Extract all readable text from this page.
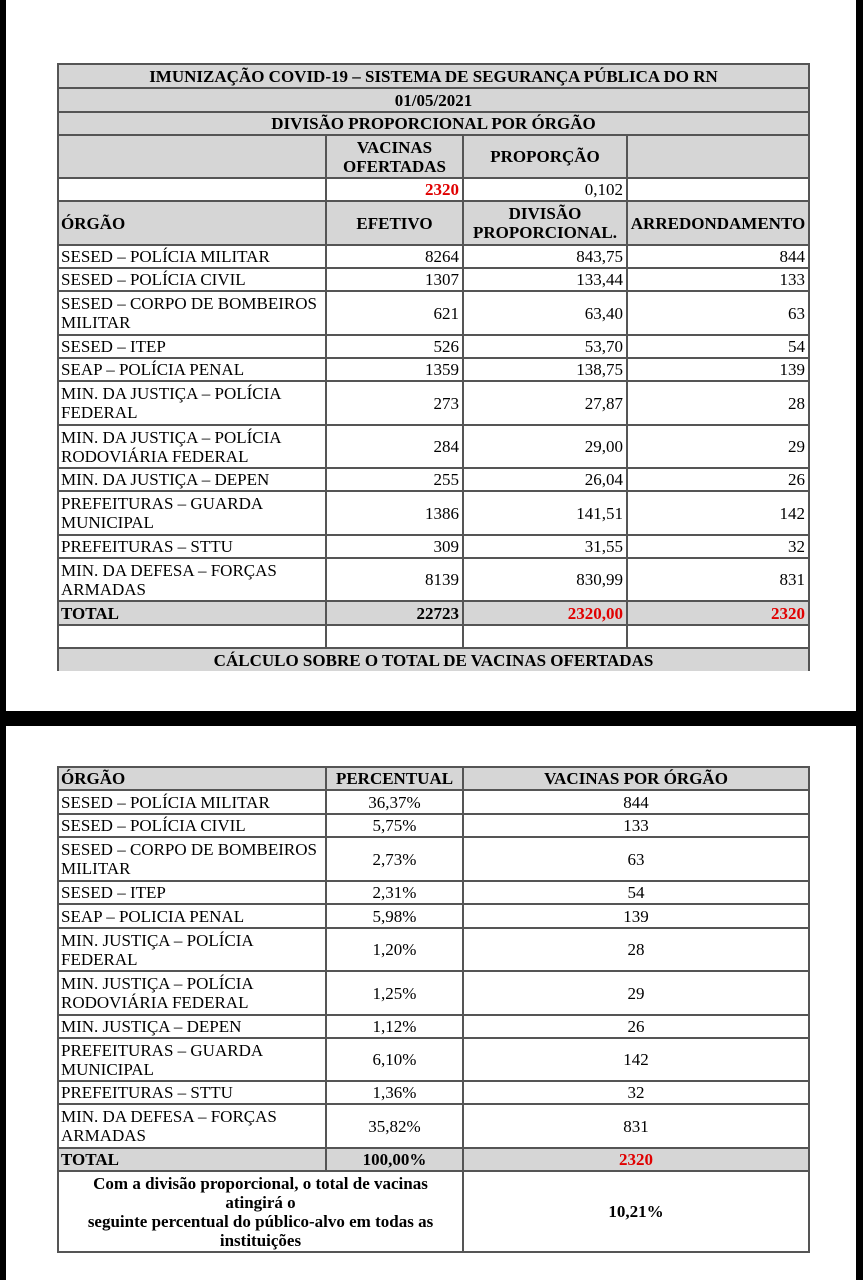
IMUNIZAÇÃO COVID-19 – SISTEMA DE SEGURANÇA PÚBLICA DO RN			
01/05/2021			
DIVISÃO PROPORCIONAL POR ÓRGÃO			
	VACINAS OFERTADAS	PROPORÇÃO	
	2320	0,102	
ÓRGÃO	EFETIVO	DIVISÃO PROPORCIONAL.	ARREDONDAMENTO
SESED – POLÍCIA MILITAR	8264	843,75	844
SESED – POLÍCIA CIVIL	1307	133,44	133
SESED – CORPO DE BOMBEIROS MILITAR	621	63,40	63
SESED – ITEP	526	53,70	54
SEAP – POLÍCIA PENAL	1359	138,75	139
MIN. DA JUSTIÇA – POLÍCIA FEDERAL	273	27,87	28
MIN. DA JUSTIÇA – POLÍCIA RODOVIÁRIA FEDERAL	284	29,00	29
MIN. DA JUSTIÇA – DEPEN	255	26,04	26
PREFEITURAS – GUARDA MUNICIPAL	1386	141,51	142
PREFEITURAS – STTU	309	31,55	32
MIN. DA DEFESA – FORÇAS ARMADAS	8139	830,99	831
TOTAL	22723	2320,00	2320

CÁLCULO SOBRE O TOTAL DE VACINAS OFERTADAS			
ÓRGÃO	PERCENTUAL	VACINAS POR ÓRGÃO
SESED – POLÍCIA MILITAR	36,37%	844
SESED – POLÍCIA CIVIL	5,75%	133
SESED – CORPO DE BOMBEIROS MILITAR	2,73%	63
SESED – ITEP	2,31%	54
SEAP – POLICIA PENAL	5,98%	139
MIN. JUSTIÇA – POLÍCIA FEDERAL	1,20%	28
MIN. JUSTIÇA – POLÍCIA RODOVIÁRIA FEDERAL	1,25%	29
MIN. JUSTIÇA – DEPEN	1,12%	26
PREFEITURAS – GUARDA MUNICIPAL	6,10%	142
PREFEITURAS – STTU	1,36%	32
MIN. DA DEFESA – FORÇAS ARMADAS	35,82%	831
TOTAL	100,00%	2320
Com a divisão proporcional, o total de vacinas atingirá o
seguinte percentual do público-alvo em todas as instituições		10,21%
